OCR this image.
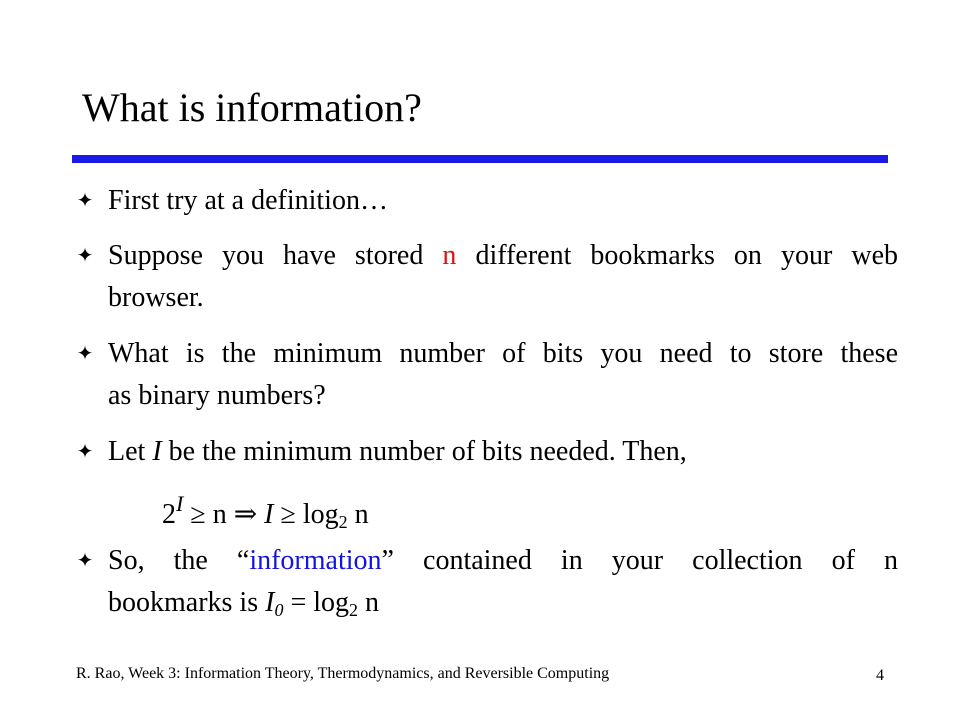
What is information?
✦ First try at a definition…
✦ Suppose you have stored n different bookmarks on your web
browser.
✦ What is the minimum number of bits you need to store these
as binary numbers?
✦ Let I be the minimum number of bits needed. Then,
$2^I \ge n$ ⇒ $I \ge \log_2 n$
✦ So, the “information” contained in your collection of n
bookmarks is $I_0 = \log_2 n$
R. Rao, Week 3: Information Theory, Thermodynamics, and Reversible Computing	4
